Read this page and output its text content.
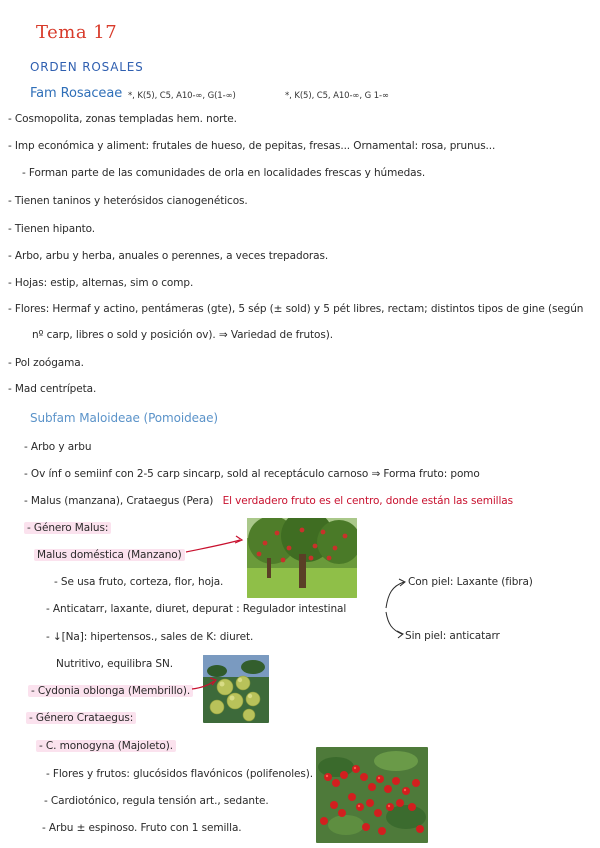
Tema 17
ORDEN ROSALES
Fam Rosaceae *, K(5), C5, A10-∞, G(1-∞)	*, K(5), C5, A10-∞, G 1-∞
- Cosmopolita, zonas templadas hem. norte.
- Imp económica y aliment: frutales de hueso, de pepitas, fresas... Ornamental: rosa, prunus...
- Forman parte de las comunidades de orla en localidades frescas y húmedas.
- Tienen taninos y heterósidos cianogenéticos.
- Tienen hipanto.
- Arbo, arbu y herba, anuales o perennes, a veces trepadoras.
- Hojas: estip, alternas, sim o comp.
- Flores: Hermaf y actino, pentámeras (gte), 5 sép (± sold) y 5 pét libres, rectam; distintos tipos de gine (según
nº carp, libres o sold y posición ov). ⇒ Variedad de frutos).
- Pol zoógama.
- Mad centrípeta.
Subfam Maloideae (Pomoideae)
- Arbo y arbu
- Ov ínf o semiinf con 2-5 carp sincarp, sold al receptáculo carnoso ⇒ Forma fruto: pomo
- Malus (manzana), Crataegus (Pera) El verdadero fruto es el centro, donde están las semillas
- Género Malus:
Malus doméstica (Manzano)
- Se usa fruto, corteza, flor, hoja.
- Anticatarr, laxante, diuret, depurat : Regulador intestinal
- ↓[Na]: hipertensos., sales de K: diuret.
Nutritivo, equilibra SN.
Con piel: Laxante (fibra)
Sin piel: anticatarr
- Cydonia oblonga (Membrillo).
- Género Crataegus:
- C. monogyna (Majoleto).
- Flores y frutos: glucósidos flavónicos (polifenoles).
- Cardiotónico, regula tensión art., sedante.
- Arbu ± espinoso. Fruto con 1 semilla.
